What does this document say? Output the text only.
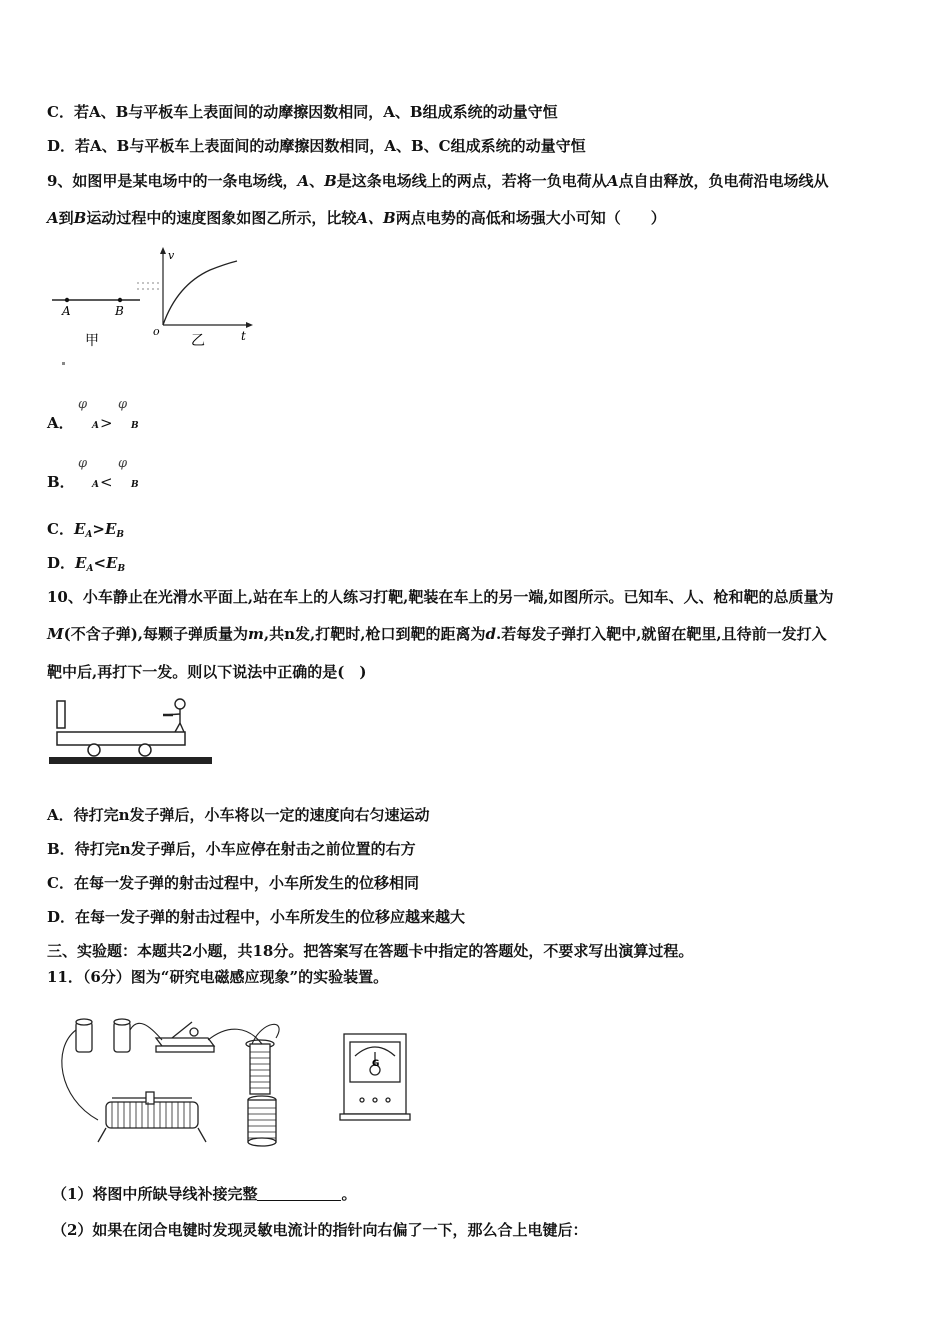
C．若A、B与平板车上表面间的动摩擦因数相同，A、B组成系统的动量守恒
D．若A、B与平板车上表面间的动摩擦因数相同，A、B、C组成系统的动量守恒
9、如图甲是某电场中的一条电场线，A、B是这条电场线上的两点，若将一负电荷从A点自由释放，负电荷沿电场线从
A到B运动过程中的速度图象如图乙所示，比较A、B两点电势的高低和场强大小可知（　　）
A	B
甲
v
t
o
乙
A．
φ
A >
φ
B
B．
φ
A <
φ
B
C．$E_A>E_B$
D．$E_A<E_B$
10、小车静止在光滑水平面上,站在车上的人练习打靶,靶装在车上的另一端,如图所示。已知车、人、枪和靶的总质量为
M(不含子弹),每颗子弹质量为m,共n发,打靶时,枪口到靶的距离为d.若每发子弹打入靶中,就留在靶里,且待前一发打入
靶中后,再打下一发。则以下说法中正确的是(　)
A．待打完n发子弹后，小车将以一定的速度向右匀速运动
B．待打完n发子弹后，小车应停在射击之前位置的右方
C．在每一发子弹的射击过程中，小车所发生的位移相同
D．在每一发子弹的射击过程中，小车所发生的位移应越来越大
三、实验题：本题共2小题，共18分。把答案写在答题卡中指定的答题处，不要求写出演算过程。
11．（6分）图为“研究电磁感应现象”的实验装置。
G
（1）将图中所缺导线补接完整	。
（2）如果在闭合电键时发现灵敏电流计的指针向右偏了一下，那么合上电键后：
